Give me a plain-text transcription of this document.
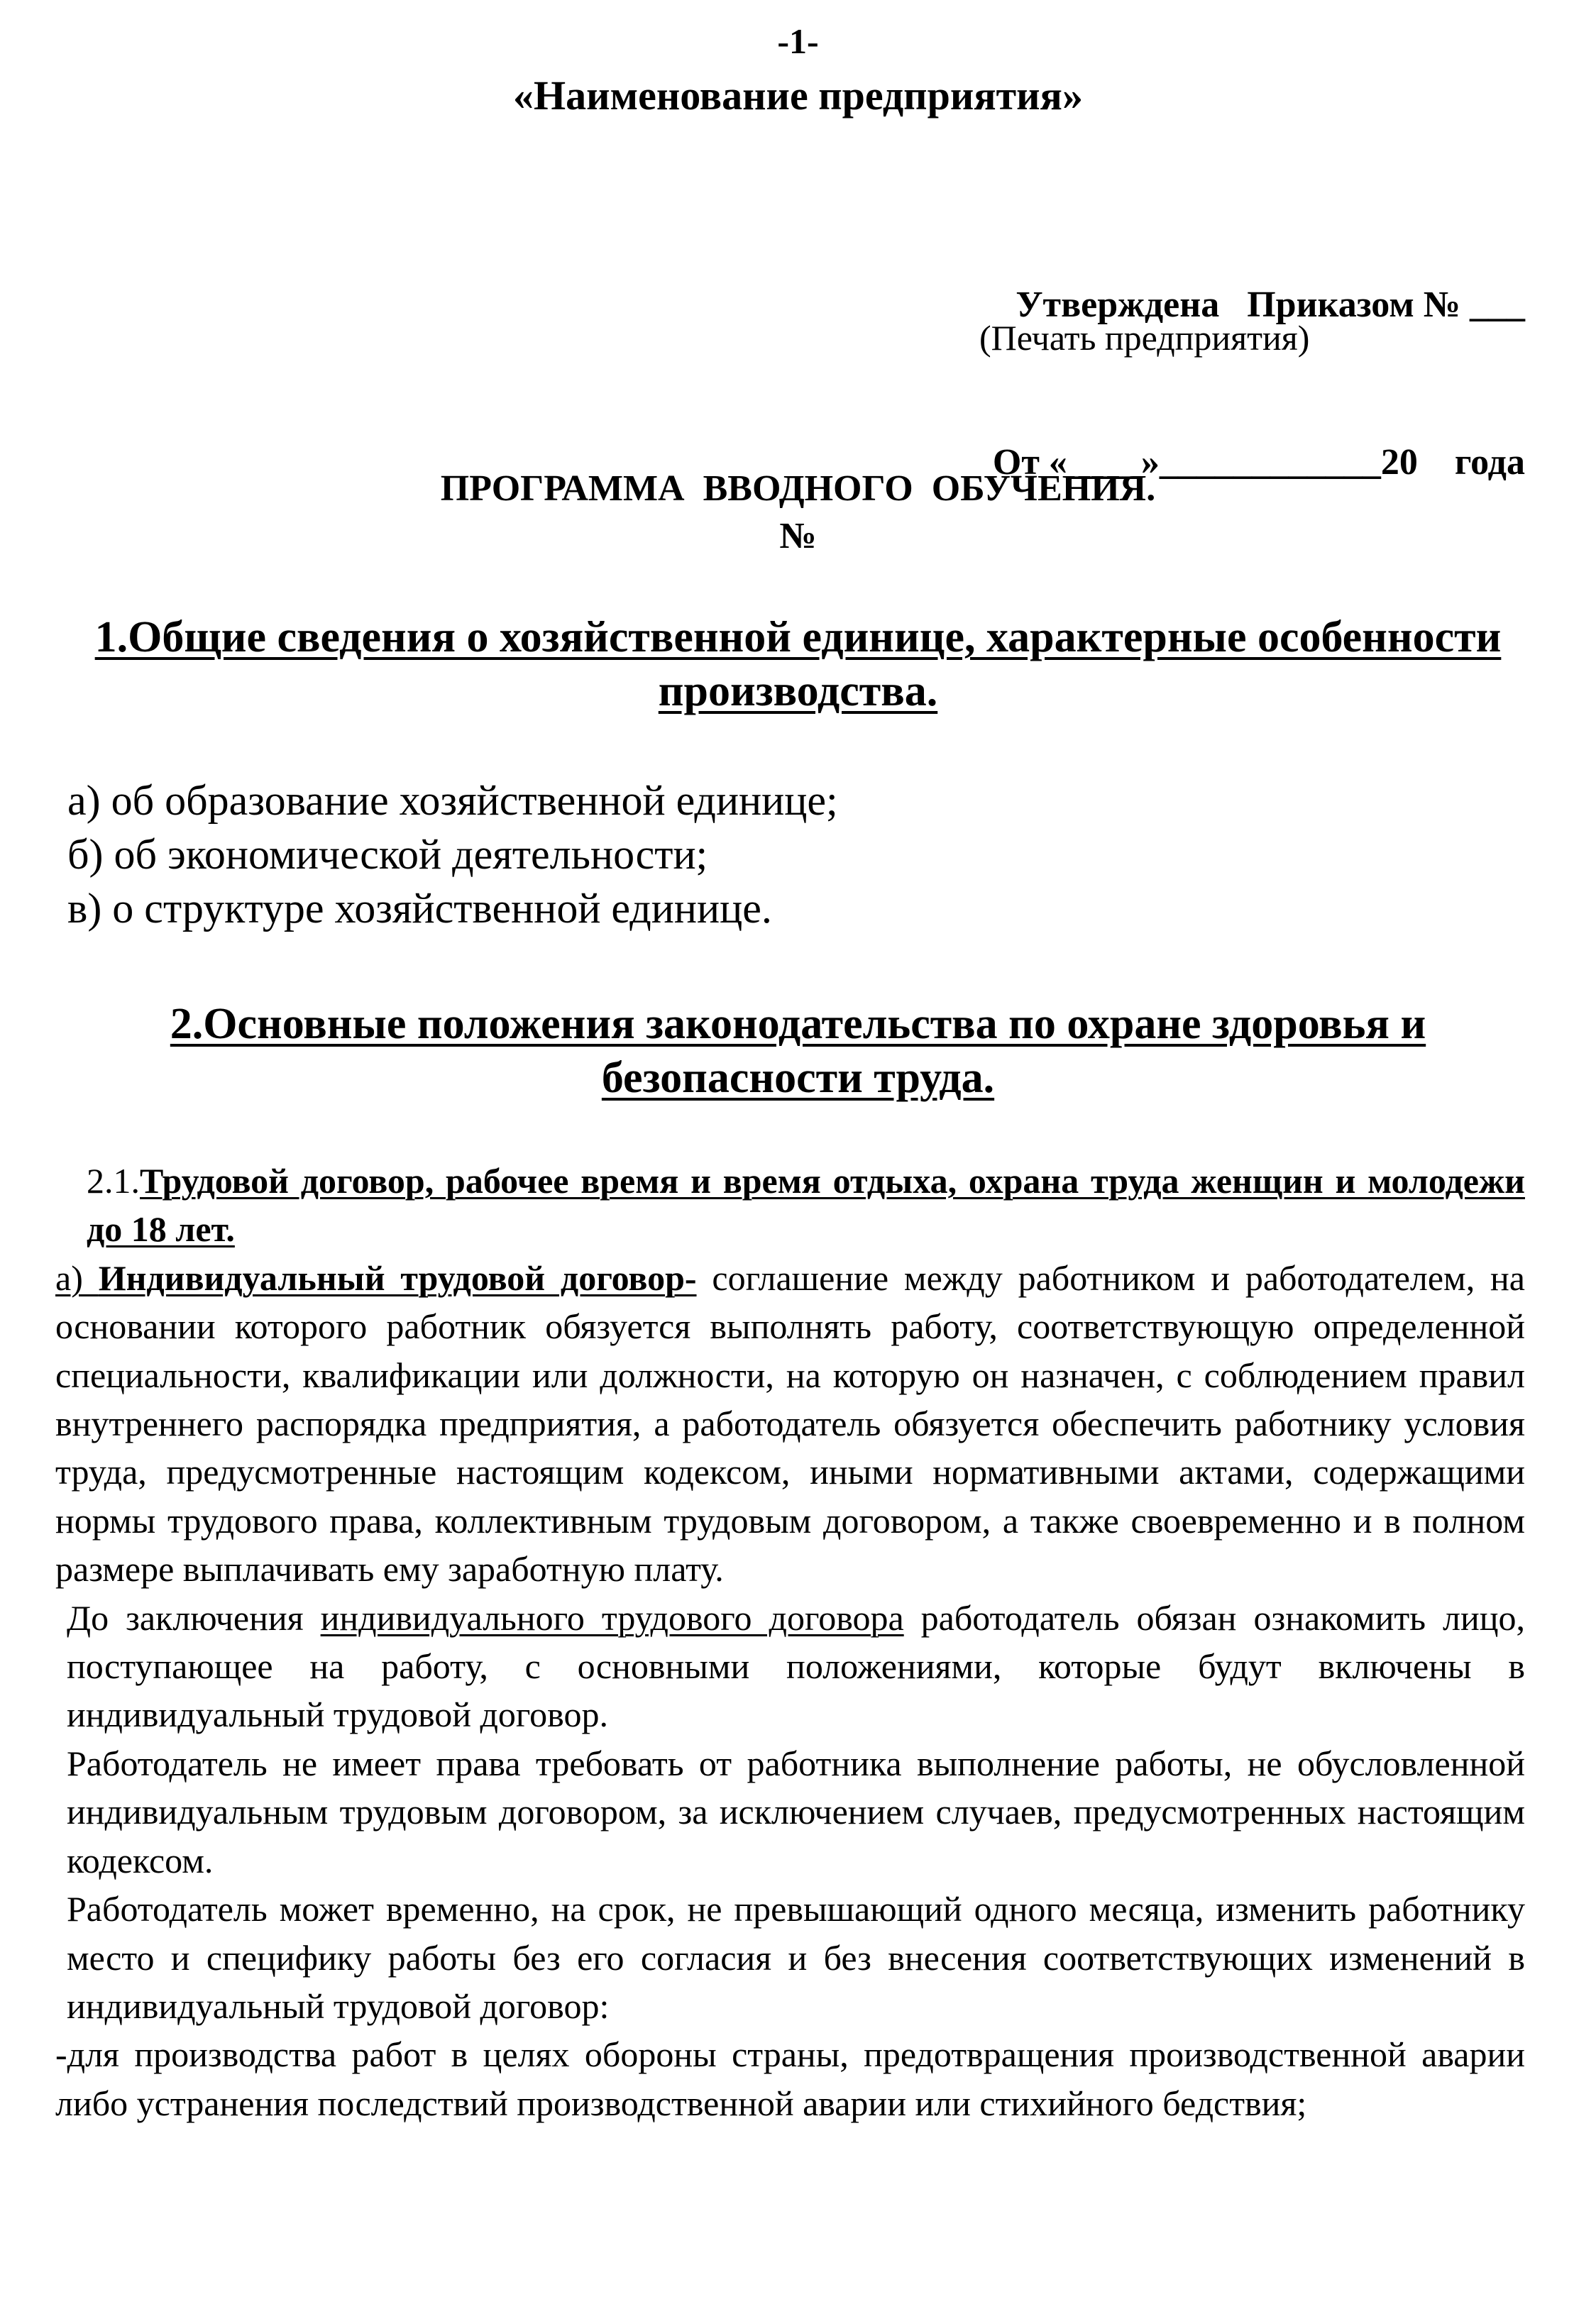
-1-
«Наименование предприятия»

Утверждена   Приказом № ___

От «____»____________20    года

(Печать предприятия)
ПРОГРАММА  ВВОДНОГО  ОБУЧЕНИЯ.
№
1.Общие сведения о хозяйственной единице, характерные особенности производства.
а) об образование хозяйственной единице;
б) об экономической деятельности;
в) о структуре хозяйственной единице.
2.Основные положения законодательства по охране здоровья и безопасности труда.

2.1.Трудовой договор, рабочее время и время отдыха, охрана труда женщин и молодежи до 18 лет.

а) Индивидуальный трудовой договор- соглашение между работником и работодателем, на основании которого работник обязуется выполнять работу, соответствующую определенной специальности, квалификации или должности, на которую он назначен, с соблюдением правил внутреннего распорядка предприятия, а работодатель обязуется обеспечить работнику условия труда, предусмотренные настоящим кодексом, иными нормативными актами, содержащими нормы трудового права, коллективным трудовым договором, а также своевременно и в полном размере выплачивать ему заработную плату.

До заключения индивидуального трудового договора работодатель обязан ознакомить лицо, поступающее на работу, с основными положениями, которые будут включены в индивидуальный трудовой договор.

Работодатель не имеет права требовать от работника выполнение работы, не обусловленной индивидуальным трудовым договором, за исключением случаев, предусмотренных настоящим кодексом.

Работодатель может временно, на срок, не превышающий одного месяца, изменить работнику место и специфику работы без его согласия и без внесения соответствующих изменений в индивидуальный трудовой договор:

-для производства работ в целях обороны страны, предотвращения производственной аварии либо устранения последствий производственной аварии или стихийного бедствия;
